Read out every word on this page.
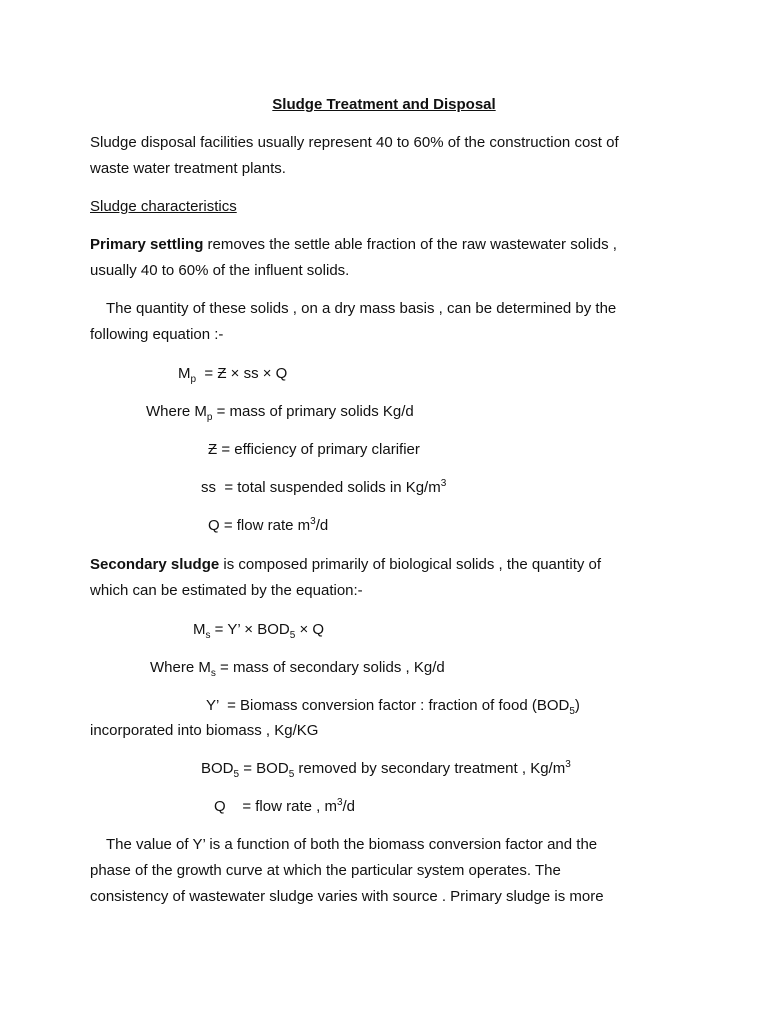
Sludge Treatment and Disposal
Sludge disposal facilities usually represent 40 to 60% of the construction cost of
waste water treatment plants.
Sludge characteristics
Primary settling removes the settle able fraction of the raw wastewater solids ,
usually 40 to 60% of the influent solids.
The quantity of these solids , on a dry mass basis , can be determined by the
following equation :-
$M_p$  = Ƶ × ss × Q
Where $M_p$ = mass of primary solids Kg/d
Ƶ = efficiency of primary clarifier
ss  = total suspended solids in $Kg/m^3$
Q = flow rate $m^3/d$
Secondary sludge is composed primarily of biological solids , the quantity of
which can be estimated by the equation:-
$M_s = Y$’ × $BOD_5 \times Q$
Where $M_s$ = mass of secondary solids , Kg/d
Y’  = Biomass conversion factor : fraction of food $(BOD_5)$
incorporated into biomass , Kg/KG
$BOD_5 = BOD_5$ removed by secondary treatment , $Kg/m^3$
Q    = flow rate , $m^3/d$
The value of Y’ is a function of both the biomass conversion factor and the
phase of the growth curve at which the particular system operates. The
consistency of wastewater sludge varies with source . Primary sludge is more
